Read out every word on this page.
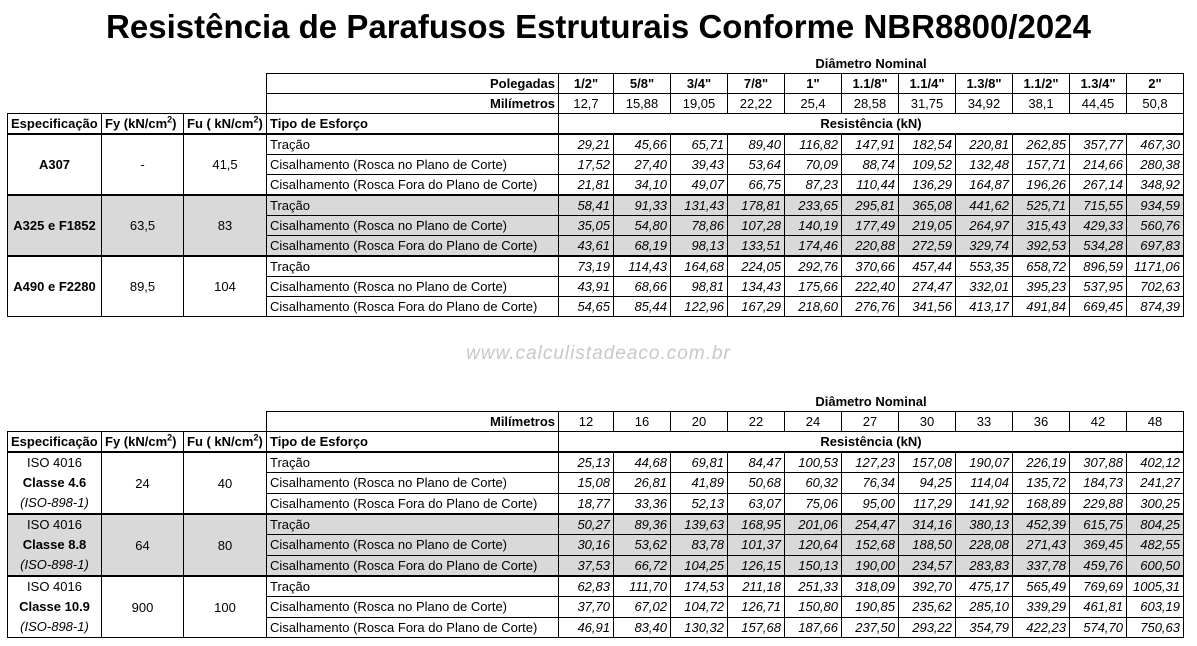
Resistência de Parafusos Estruturais Conforme NBR8800/2024
www.calculistadeaco.com.br
				Diâmetro Nominal										
			Polegadas	1/2"	5/8"	3/4"	7/8"	1"	1.1/8"	1.1/4"	1.3/8"	1.1/2"	1.3/4"	2"
			Milímetros	12,7	15,88	19,05	22,22	25,4	28,58	31,75	34,92	38,1	44,45	50,8
Especificação	Fy $(kN/cm^2)$	Fu ( $kN/cm^2$)	Tipo de Esforço	Resistência (kN)										
A307	-	41,5	Tração	29,21	45,66	65,71	89,40	116,82	147,91	182,54	220,81	262,85	357,77	467,30
			Cisalhamento (Rosca no Plano de Corte)	17,52	27,40	39,43	53,64	70,09	88,74	109,52	132,48	157,71	214,66	280,38
			Cisalhamento (Rosca Fora do Plano de Corte)	21,81	34,10	49,07	66,75	87,23	110,44	136,29	164,87	196,26	267,14	348,92
A325 e F1852	63,5	83	Tração	58,41	91,33	131,43	178,81	233,65	295,81	365,08	441,62	525,71	715,55	934,59
			Cisalhamento (Rosca no Plano de Corte)	35,05	54,80	78,86	107,28	140,19	177,49	219,05	264,97	315,43	429,33	560,76
			Cisalhamento (Rosca Fora do Plano de Corte)	43,61	68,19	98,13	133,51	174,46	220,88	272,59	329,74	392,53	534,28	697,83
A490 e F2280	89,5	104	Tração	73,19	114,43	164,68	224,05	292,76	370,66	457,44	553,35	658,72	896,59	1171,06
			Cisalhamento (Rosca no Plano de Corte)	43,91	68,66	98,81	134,43	175,66	222,40	274,47	332,01	395,23	537,95	702,63
			Cisalhamento (Rosca Fora do Plano de Corte)	54,65	85,44	122,96	167,29	218,60	276,76	341,56	413,17	491,84	669,45	874,39
				Diâmetro Nominal										
			Milímetros	12	16	20	22	24	27	30	33	36	42	48
Especificação	Fy $(kN/cm^2)$	Fu ( $kN/cm^2$)	Tipo de Esforço	Resistência (kN)										

ISO 4016
Classe 4.6
(ISO-898-1)	24	40	Tração	25,13	44,68	69,81	84,47	100,53	127,23	157,08	190,07	226,19	307,88	402,12
			Cisalhamento (Rosca no Plano de Corte)	15,08	26,81	41,89	50,68	60,32	76,34	94,25	114,04	135,72	184,73	241,27
			Cisalhamento (Rosca Fora do Plano de Corte)	18,77	33,36	52,13	63,07	75,06	95,00	117,29	141,92	168,89	229,88	300,25

ISO 4016
Classe 8.8
(ISO-898-1)	64	80	Tração	50,27	89,36	139,63	168,95	201,06	254,47	314,16	380,13	452,39	615,75	804,25
			Cisalhamento (Rosca no Plano de Corte)	30,16	53,62	83,78	101,37	120,64	152,68	188,50	228,08	271,43	369,45	482,55
			Cisalhamento (Rosca Fora do Plano de Corte)	37,53	66,72	104,25	126,15	150,13	190,00	234,57	283,83	337,78	459,76	600,50

ISO 4016
Classe 10.9
(ISO-898-1)	900	100	Tração	62,83	111,70	174,53	211,18	251,33	318,09	392,70	475,17	565,49	769,69	1005,31
			Cisalhamento (Rosca no Plano de Corte)	37,70	67,02	104,72	126,71	150,80	190,85	235,62	285,10	339,29	461,81	603,19
			Cisalhamento (Rosca Fora do Plano de Corte)	46,91	83,40	130,32	157,68	187,66	237,50	293,22	354,79	422,23	574,70	750,63
